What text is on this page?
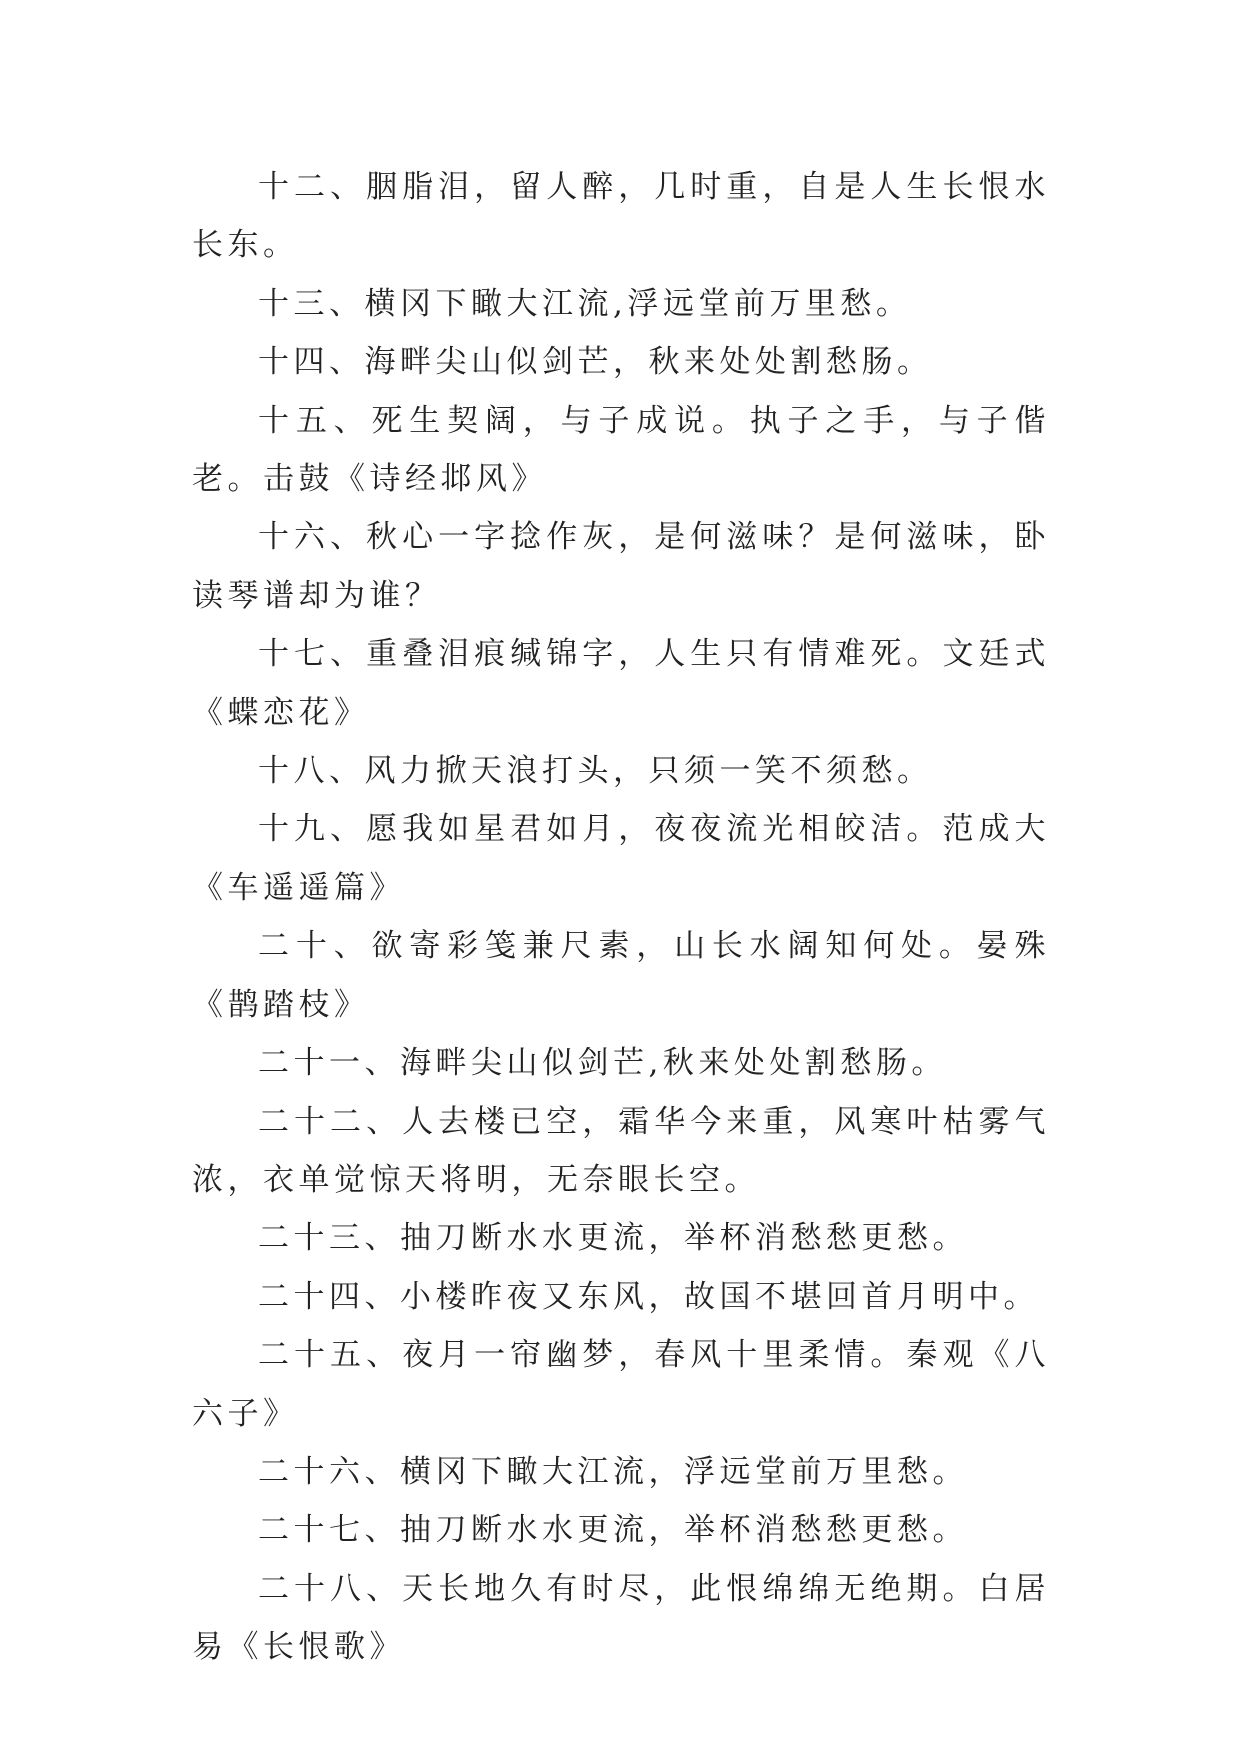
十二、胭脂泪，留人醉，几时重，自是人生长恨水长东。

十三、横冈下瞰大江流,浮远堂前万里愁。

十四、海畔尖山似剑芒，秋来处处割愁肠。

十五、死生契阔，与子成说。执子之手，与子偕老。击鼓《诗经邶风》

十六、秋心一字捻作灰，是何滋味？是何滋味，卧读琴谱却为谁？

十七、重叠泪痕缄锦字，人生只有情难死。文廷式《蝶恋花》

十八、风力掀天浪打头，只须一笑不须愁。

十九、愿我如星君如月，夜夜流光相皎洁。范成大《车遥遥篇》

二十、欲寄彩笺兼尺素，山长水阔知何处。晏殊《鹊踏枝》

二十一、海畔尖山似剑芒,秋来处处割愁肠。

二十二、人去楼已空，霜华今来重，风寒叶枯雾气浓，衣单觉惊天将明，无奈眼长空。

二十三、抽刀断水水更流，举杯消愁愁更愁。

二十四、小楼昨夜又东风，故国不堪回首月明中。

二十五、夜月一帘幽梦，春风十里柔情。秦观《八六子》

二十六、横冈下瞰大江流，浮远堂前万里愁。

二十七、抽刀断水水更流，举杯消愁愁更愁。

二十八、天长地久有时尽，此恨绵绵无绝期。白居易《长恨歌》
